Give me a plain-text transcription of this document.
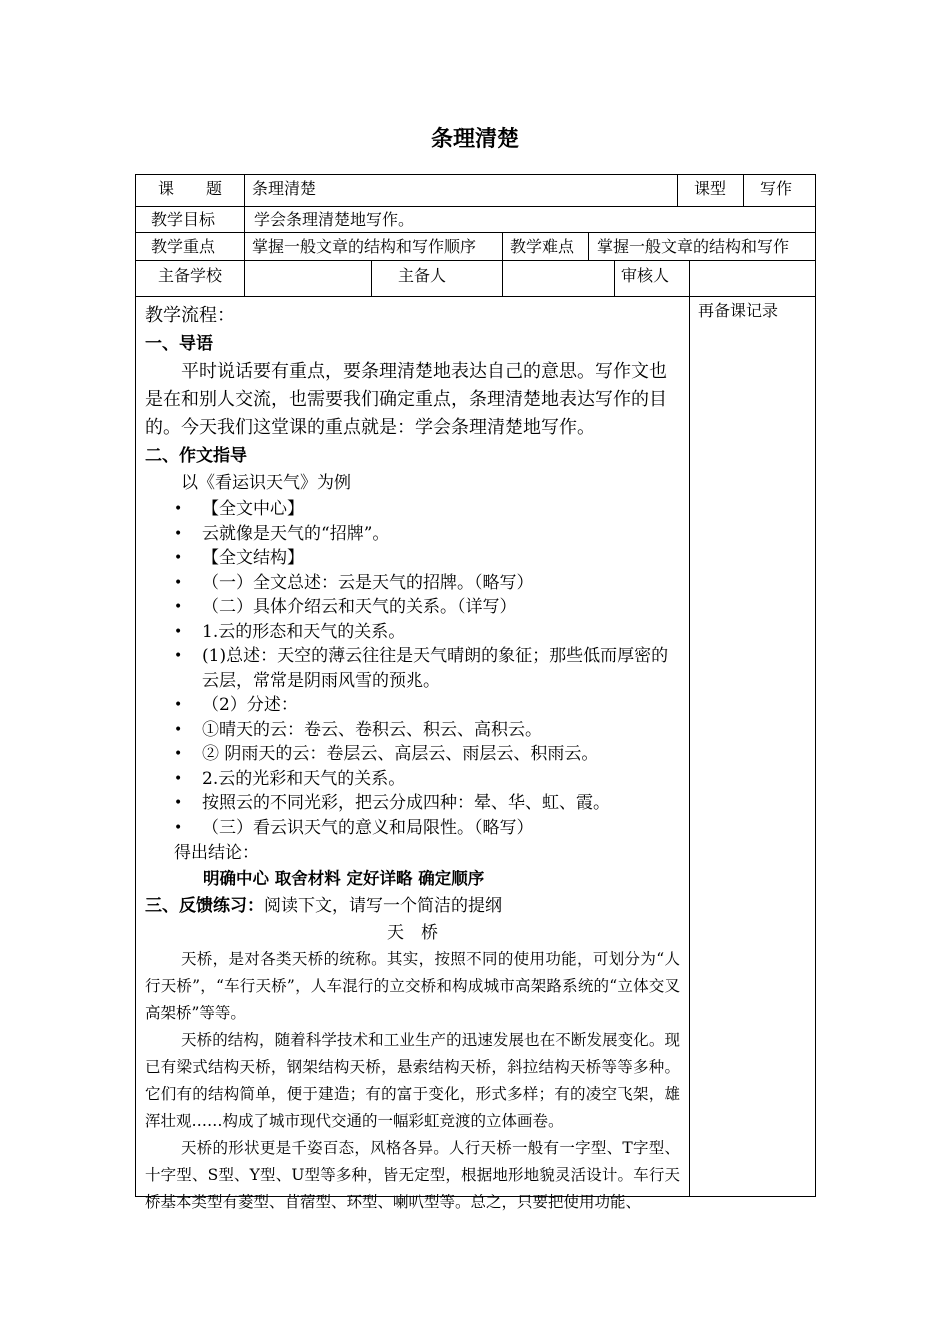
条理清楚
课　　题 条理清楚	课型 写作
教学目标 学会条理清楚地写作。
教学重点 掌握一般文章的结构和写作顺序 教学难点 掌握一般文章的结构和写作
主备学校	主备人	审核人
再备课记录

教学流程：

一、导语

平时说话要有重点，要条理清楚地表达自己的意思。写作文也是在和别人交流，也需要我们确定重点，条理清楚地表达写作的目的。今天我们这堂课的重点就是：学会条理清楚地写作。

二、作文指导

以《看运识天气》为例

• 【全文中心】

• 云就像是天气的“招牌”。

• 【全文结构】

• （一）全文总述：云是天气的招牌。（略写）

• （二）具体介绍云和天气的关系。（详写）

• 1.云的形态和天气的关系。

• (1)总述：天空的薄云往往是天气晴朗的象征；那些低而厚密的云层，常常是阴雨风雪的预兆。

• （2）分述：

• ①晴天的云：卷云、卷积云、积云、高积云。

• ② 阴雨天的云：卷层云、高层云、雨层云、积雨云。

• 2.云的光彩和天气的关系。

• 按照云的不同光彩，把云分成四种：晕、华、虹、霞。

• （三）看云识天气的意义和局限性。（略写）

得出结论：

明确中心 取舍材料 定好详略 确定顺序

三、反馈练习：阅读下文，请写一个简洁的提纲

天　桥

天桥，是对各类天桥的统称。其实，按照不同的使用功能，可划分为“人行天桥”，“车行天桥”，人车混行的立交桥和构成城市高架路系统的“立体交叉高架桥”等等。

天桥的结构，随着科学技术和工业生产的迅速发展也在不断发展变化。现已有梁式结构天桥，钢架结构天桥，悬索结构天桥，斜拉结构天桥等等多种。它们有的结构简单，便于建造；有的富于变化，形式多样；有的凌空飞架，雄浑壮观……构成了城市现代交通的一幅彩虹竞渡的立体画卷。

天桥的形状更是千姿百态，风格各异。人行天桥一般有一字型、T字型、十字型、S型、Y型、U型等多种，皆无定型，根据地形地貌灵活设计。车行天桥基本类型有菱型、苜蓿型、环型、喇叭型等。总之，只要把使用功能、
